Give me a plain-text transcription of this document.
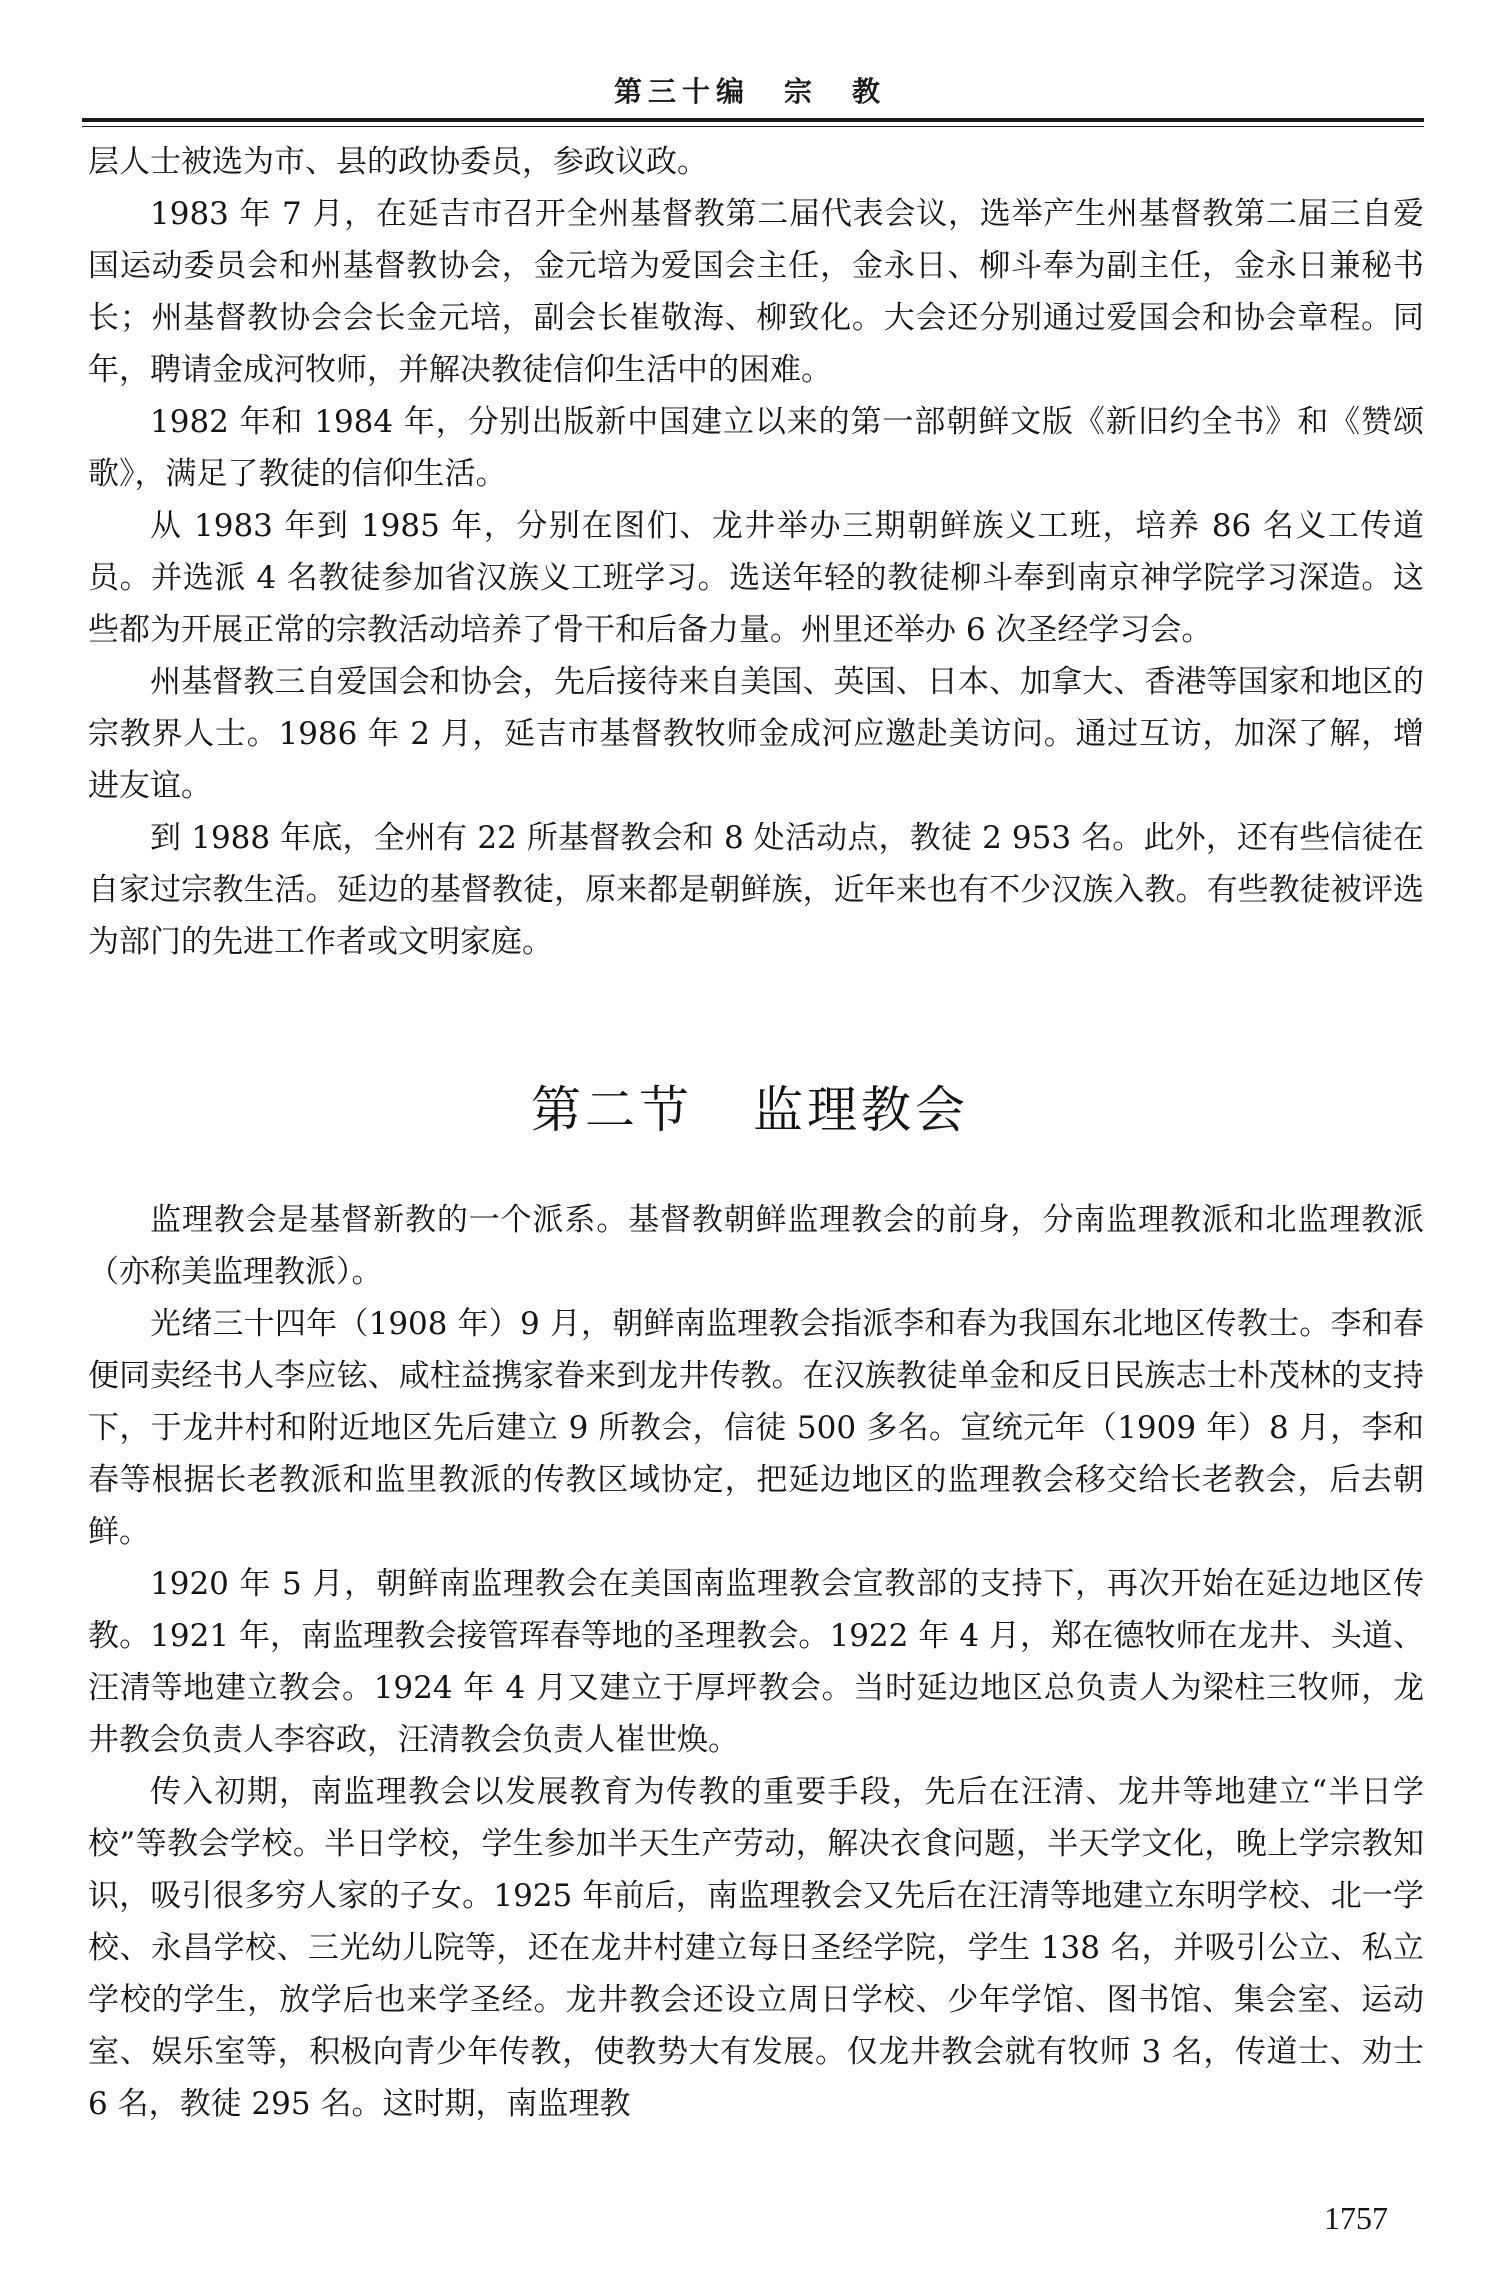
第三十编　宗　教

层人士被选为市、县的政协委员，参政议政。

1983 年 7 月，在延吉市召开全州基督教第二届代表会议，选举产生州基督教第二届三自爱国运动委员会和州基督教协会，金元培为爱国会主任，金永日、柳斗奉为副主任，金永日兼秘书长；州基督教协会会长金元培，副会长崔敬海、柳致化。大会还分别通过爱国会和协会章程。同年，聘请金成河牧师，并解决教徒信仰生活中的困难。

1982 年和 1984 年，分别出版新中国建立以来的第一部朝鲜文版《新旧约全书》和《赞颂歌》，满足了教徒的信仰生活。

从 1983 年到 1985 年，分别在图们、龙井举办三期朝鲜族义工班，培养 86 名义工传道员。并选派 4 名教徒参加省汉族义工班学习。选送年轻的教徒柳斗奉到南京神学院学习深造。这些都为开展正常的宗教活动培养了骨干和后备力量。州里还举办 6 次圣经学习会。

州基督教三自爱国会和协会，先后接待来自美国、英国、日本、加拿大、香港等国家和地区的宗教界人士。1986 年 2 月，延吉市基督教牧师金成河应邀赴美访问。通过互访，加深了解，增进友谊。

到 1988 年底，全州有 22 所基督教会和 8 处活动点，教徒 2 953 名。此外，还有些信徒在自家过宗教生活。延边的基督教徒，原来都是朝鲜族，近年来也有不少汉族入教。有些教徒被评选为部门的先进工作者或文明家庭。

第二节 监理教会

监理教会是基督新教的一个派系。基督教朝鲜监理教会的前身，分南监理教派和北监理教派（亦称美监理教派）。

光绪三十四年（1908 年）9 月，朝鲜南监理教会指派李和春为我国东北地区传教士。李和春便同卖经书人李应铉、咸柱益携家眷来到龙井传教。在汉族教徒单金和反日民族志士朴茂林的支持下，于龙井村和附近地区先后建立 9 所教会，信徒 500 多名。宣统元年（1909 年）8 月，李和春等根据长老教派和监里教派的传教区域协定，把延边地区的监理教会移交给长老教会，后去朝鲜。

1920 年 5 月，朝鲜南监理教会在美国南监理教会宣教部的支持下，再次开始在延边地区传教。1921 年，南监理教会接管珲春等地的圣理教会。1922 年 4 月，郑在德牧师在龙井、头道、汪清等地建立教会。1924 年 4 月又建立于厚坪教会。当时延边地区总负责人为梁柱三牧师，龙井教会负责人李容政，汪清教会负责人崔世焕。

传入初期，南监理教会以发展教育为传教的重要手段，先后在汪清、龙井等地建立“半日学校”等教会学校。半日学校，学生参加半天生产劳动，解决衣食问题，半天学文化，晚上学宗教知识，吸引很多穷人家的子女。1925 年前后，南监理教会又先后在汪清等地建立东明学校、北一学校、永昌学校、三光幼儿院等，还在龙井村建立每日圣经学院，学生 138 名，并吸引公立、私立学校的学生，放学后也来学圣经。龙井教会还设立周日学校、少年学馆、图书馆、集会室、运动室、娱乐室等，积极向青少年传教，使教势大有发展。仅龙井教会就有牧师 3 名，传道士、劝士 6 名，教徒 295 名。这时期，南监理教

1757
